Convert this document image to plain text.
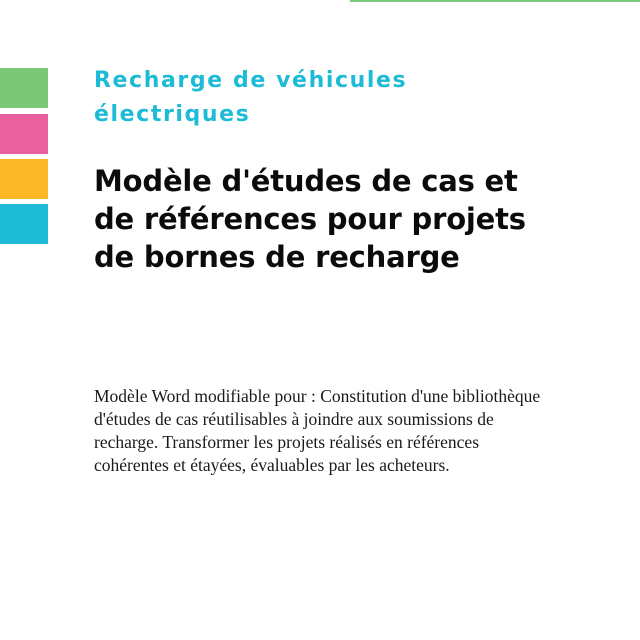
Recharge de véhicules
électriques
Modèle d'études de cas et
de références pour projets
de bornes de recharge

Modèle Word modifiable pour : Constitution d'une bibliothèque d'études de cas réutilisables à joindre aux soumissions de recharge. Transformer les projets réalisés en références cohérentes et étayées, évaluables par les acheteurs.
